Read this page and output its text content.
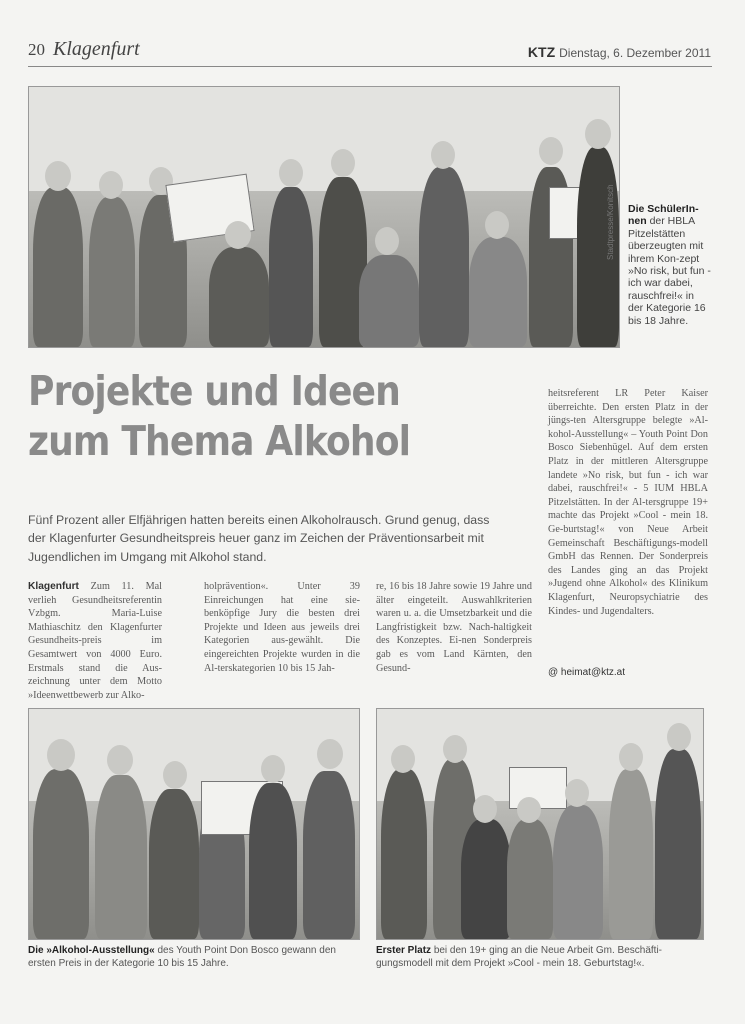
20 Klagenfurt	KTZ Dienstag, 6. Dezember 2011
Stadtpresse/Konitsch Die SchülerIn-nen der HBLA Pitzelstätten überzeugten mit ihrem Kon-zept »No risk, but fun - ich war dabei, rauschfrei!« in der Kategorie 16 bis 18 Jahre.
Projekte und Ideen
zum Thema Alkohol
Fünf Prozent aller Elfjährigen hatten bereits einen Alkoholrausch. Grund genug, dass der Klagenfurter Gesundheitspreis heuer ganz im Zeichen der Präventionsarbeit mit Jugendlichen im Umgang mit Alkohol stand.
Klagenfurt Zum 11. Mal verlieh Gesundheitsreferentin Vzbgm. Maria-Luise Mathiaschitz den Klagenfurter Gesundheits-preis im Gesamtwert von 4000 Euro. Erstmals stand die Aus-zeichnung unter dem Motto »Ideenwettbewerb zur Alko-
holprävention«. Unter 39 Einreichungen hat eine sie-benköpfige Jury die besten drei Projekte und Ideen aus jeweils drei Kategorien aus-gewählt. Die eingereichten Projekte wurden in die Al-terskategorien 10 bis 15 Jah-
re, 16 bis 18 Jahre sowie 19 Jahre und älter eingeteilt. Auswahlkriterien waren u. a. die Umsetzbarkeit und die Langfristigkeit bzw. Nach-haltigkeit des Konzeptes. Ei-nen Sonderpreis gab es vom Land Kärnten, den Gesund-
heitsreferent LR Peter Kaiser überreichte. Den ersten Platz in der jüngs-ten Altersgruppe belegte »Al-kohol-Ausstellung« – Youth Point Don Bosco Siebenhügel. Auf dem ersten Platz in der mittleren Altersgruppe landete »No risk, but fun - ich war dabei, rauschfrei!« - 5 IUM HBLA Pitzelstätten. In der Al-tersgruppe 19+ machte das Projekt »Cool - mein 18. Ge-burtstag!« von Neue Arbeit Gemeinschaft Beschäftigungs-modell GmbH das Rennen. Der Sonderpreis des Landes ging an das Projekt »Jugend ohne Alkohol« des Klinikum Klagenfurt, Neuropsychiatrie des Kindes- und Jugendalters.
@ heimat@ktz.at
Die »Alkohol-Ausstellung« des Youth Point Don Bosco gewann den ersten Preis in der Kategorie 10 bis 15 Jahre.
Erster Platz bei den 19+ ging an die Neue Arbeit Gm. Beschäfti-gungsmodell mit dem Projekt »Cool - mein 18. Geburtstag!«.
